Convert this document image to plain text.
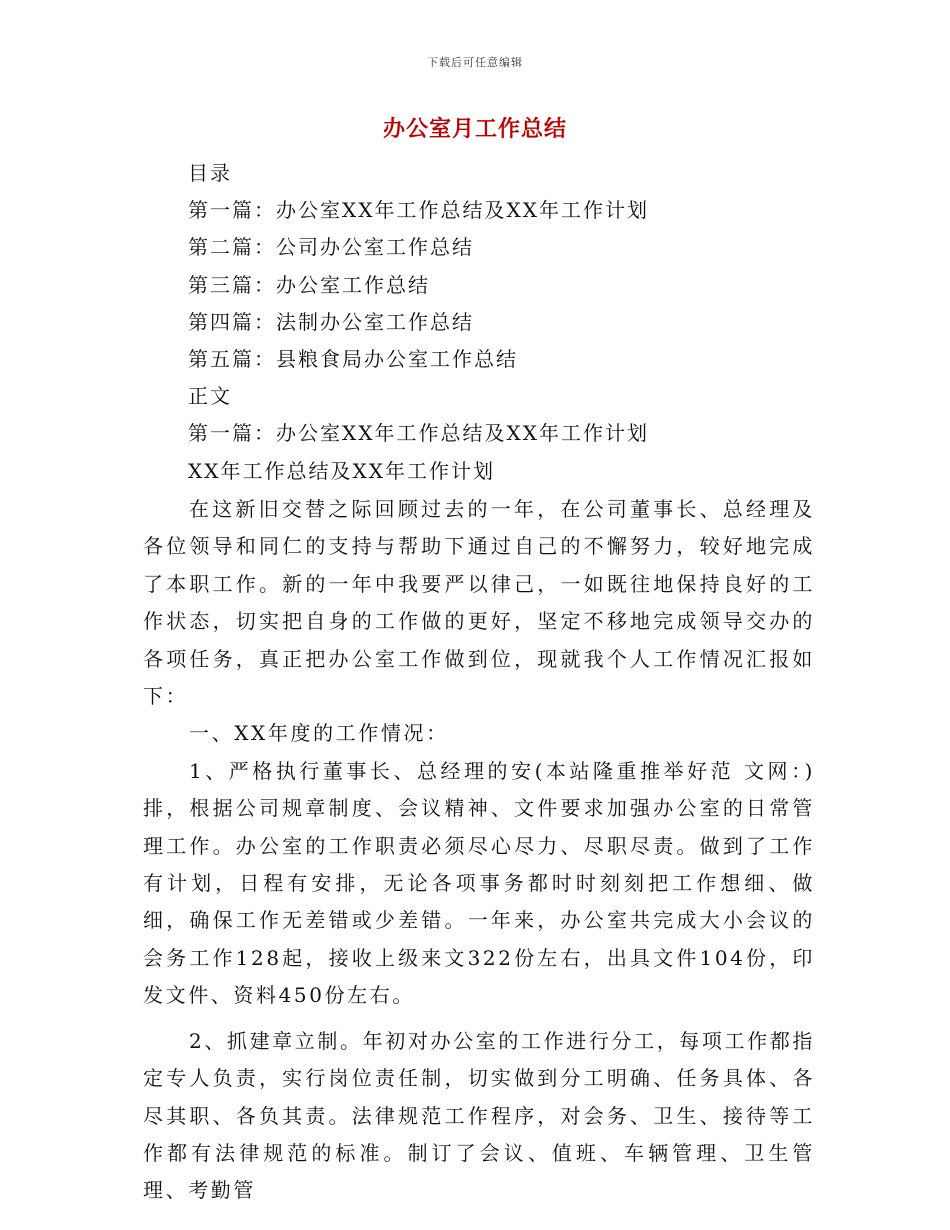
下载后可任意编辑
办公室月工作总结
目录
第一篇：办公室XX年工作总结及XX年工作计划
第二篇：公司办公室工作总结
第三篇：办公室工作总结
第四篇：法制办公室工作总结
第五篇：县粮食局办公室工作总结
正文
第一篇：办公室XX年工作总结及XX年工作计划
XX年工作总结及XX年工作计划

在这新旧交替之际回顾过去的一年，在公司董事长、总经理及各位领导和同仁的支持与帮助下通过自己的不懈努力，较好地完成了本职工作。新的一年中我要严以律己，一如既往地保持良好的工作状态，切实把自身的工作做的更好，坚定不移地完成领导交办的各项任务，真正把办公室工作做到位，现就我个人工作情况汇报如下：

一、XX年度的工作情况：

1、严格执行董事长、总经理的安(本站隆重推举好范 文网：)排，根据公司规章制度、会议精神、文件要求加强办公室的日常管理工作。办公室的工作职责必须尽心尽力、尽职尽责。做到了工作有计划，日程有安排，无论各项事务都时时刻刻把工作想细、做细，确保工作无差错或少差错。一年来，办公室共完成大小会议的会务工作128起，接收上级来文322份左右，出具文件104份，印发文件、资料450份左右。

2、抓建章立制。年初对办公室的工作进行分工，每项工作都指定专人负责，实行岗位责任制，切实做到分工明确、任务具体、各尽其职、各负其责。法律规范工作程序，对会务、卫生、接待等工作都有法律规范的标准。制订了会议、值班、车辆管理、卫生管理、考勤管
